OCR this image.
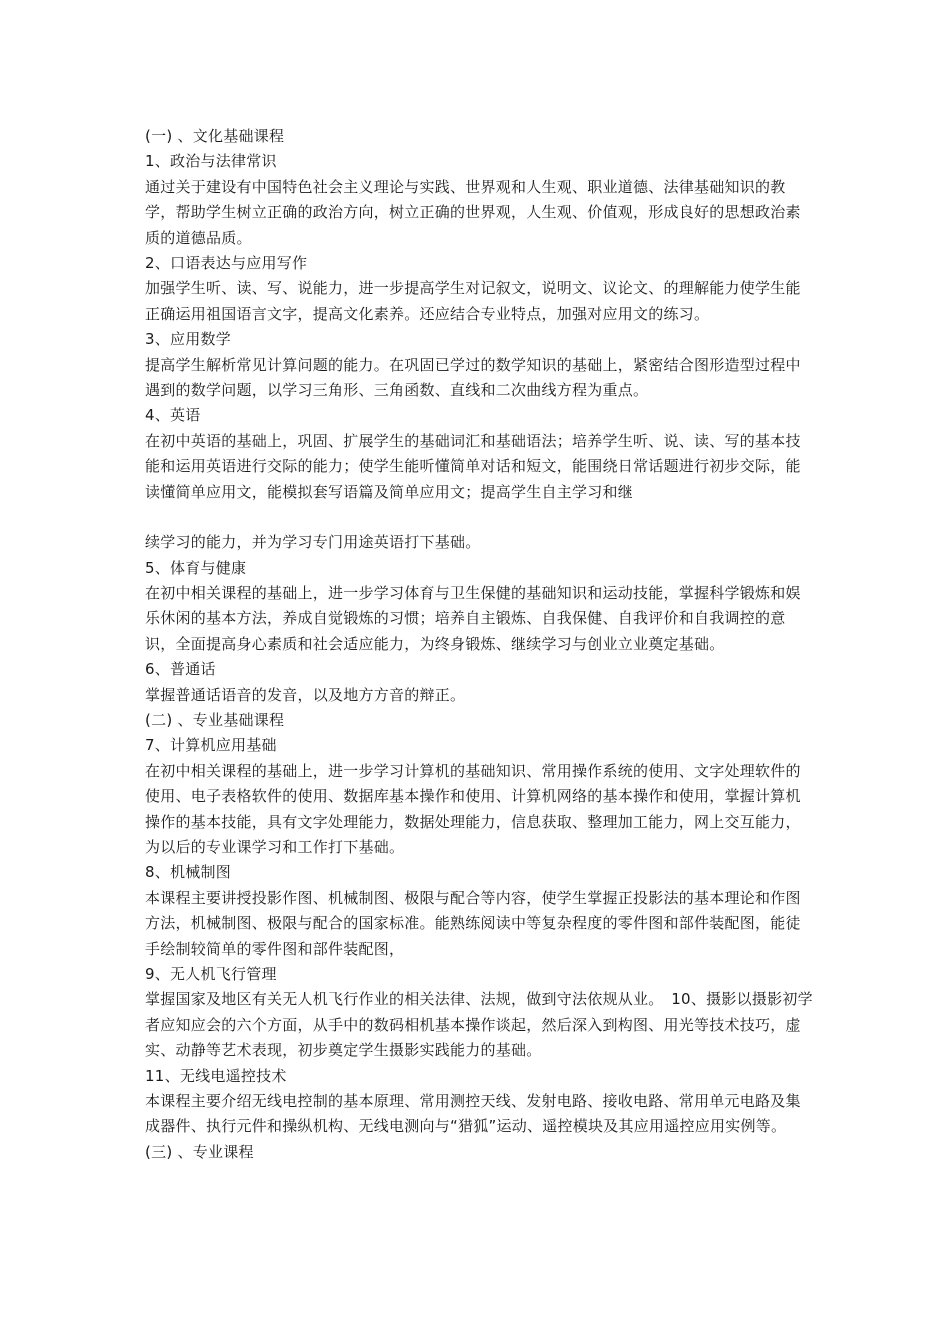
(一) 、文化基础课程

1、政治与法律常识

通过关于建设有中国特色社会主义理论与实践、世界观和人生观、职业道德、法律基础知识的教学，帮助学生树立正确的政治方向，树立正确的世界观，人生观、价值观，形成良好的思想政治素质的道德品质。

2、口语表达与应用写作

加强学生听、读、写、说能力，进一步提高学生对记叙文，说明文、议论文、的理解能力使学生能正确运用祖国语言文字，提高文化素养。还应结合专业特点，加强对应用文的练习。

3、应用数学

提高学生解析常见计算问题的能力。在巩固已学过的数学知识的基础上，紧密结合图形造型过程中遇到的数学问题，以学习三角形、三角函数、直线和二次曲线方程为重点。

4、英语

在初中英语的基础上，巩固、扩展学生的基础词汇和基础语法；培养学生听、说、读、写的基本技能和运用英语进行交际的能力；使学生能听懂简单对话和短文，能围绕日常话题进行初步交际，能读懂简单应用文，能模拟套写语篇及简单应用文；提高学生自主学习和继

续学习的能力，并为学习专门用途英语打下基础。

5、体育与健康

在初中相关课程的基础上，进一步学习体育与卫生保健的基础知识和运动技能，掌握科学锻炼和娱乐休闲的基本方法，养成自觉锻炼的习惯；培养自主锻炼、自我保健、自我评价和自我调控的意识，全面提高身心素质和社会适应能力，为终身锻炼、继续学习与创业立业奠定基础。

6、普通话

掌握普通话语音的发音，以及地方方音的辩正。

(二) 、专业基础课程

7、计算机应用基础

在初中相关课程的基础上，进一步学习计算机的基础知识、常用操作系统的使用、文字处理软件的使用、电子表格软件的使用、数据库基本操作和使用、计算机网络的基本操作和使用，掌握计算机操作的基本技能，具有文字处理能力，数据处理能力，信息获取、整理加工能力，网上交互能力，为以后的专业课学习和工作打下基础。

8、机械制图

本课程主要讲授投影作图、机械制图、极限与配合等内容，使学生掌握正投影法的基本理论和作图方法，机械制图、极限与配合的国家标准。能熟练阅读中等复杂程度的零件图和部件装配图，能徒手绘制较简单的零件图和部件装配图，

9、无人机飞行管理

掌握国家及地区有关无人机飞行作业的相关法律、法规，做到守法依规从业。　10、摄影以摄影初学者应知应会的六个方面，从手中的数码相机基本操作谈起，然后深入到构图、用光等技术技巧，虚实、动静等艺术表现，初步奠定学生摄影实践能力的基础。

11、无线电遥控技术

本课程主要介绍无线电控制的基本原理、常用测控天线、发射电路、接收电路、常用单元电路及集成器件、执行元件和操纵机构、无线电测向与“猎狐”运动、遥控模块及其应用遥控应用实例等。(三) 、专业课程
